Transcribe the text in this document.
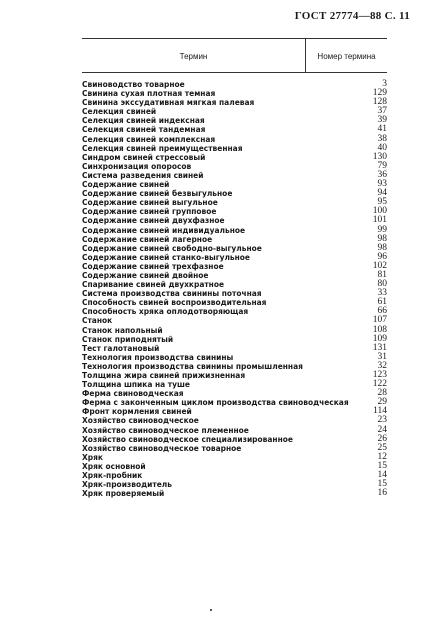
ГОСТ 27774—88 С. 11
Термин	Номер термина
Свиноводство товарное	3
Свинина сухая плотная темная	129
Свинина экссудативная мягкая палевая	128
Селекция свиней	37
Селекция свиней индексная	39
Селекция свиней тандемная	41
Селекция свиней комплексная	38
Селекция свиней преимущественная	40
Синдром свиней стрессовый	130
Синхронизация опоросов	79
Система разведения свиней	36
Содержание свиней	93
Содержание свиней безвыгульное	94
Содержание свиней выгульное	95
Содержание свиней групповое	100
Содержание свиней двухфазное	101
Содержание свиней индивидуальное	99
Содержание свиней лагерное	98
Содержание свиней свободно-выгульное	98
Содержание свиней станко-выгульное	96
Содержание свиней трехфазное	102
Содержание свиней двойное	81
Спаривание свиней двухкратное	80
Система производства свинины поточная	33
Способность свиней воспроизводительная	61
Способность хряка оплодотворяющая	66
Станок	107
Станок напольный	108
Станок приподнятый	109
Тест галотановый	131
Технология производства свинины	31
Технология производства свинины промышленная	32
Толщина жира свиней прижизненная	123
Толщина шпика на туше	122
Ферма свиноводческая	28
Ферма с законченным циклом производства свиноводческая	29
Фронт кормления свиней	114
Хозяйство свиноводческое	23
Хозяйство свиноводческое племенное	24
Хозяйство свиноводческое специализированное	26
Хозяйство свиноводческое товарное	25
Хряк	12
Хряк основной	15
Хряк-пробник	14
Хряк-производитель	15
Хряк проверяемый	16
